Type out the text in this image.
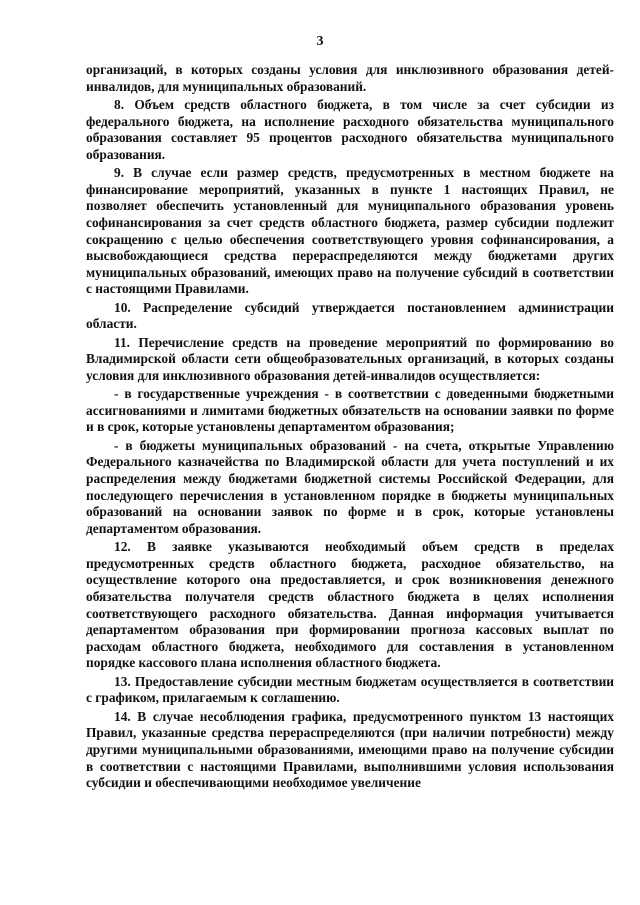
3

организаций, в которых созданы условия для инклюзивного образования детей-инвалидов, для муниципальных образований.

8. Объем средств областного бюджета, в том числе за счет субсидии из федерального бюджета, на исполнение расходного обязательства муниципального образования составляет 95 процентов расходного обязательства муниципального образования.

9. В случае если размер средств, предусмотренных в местном бюджете на финансирование мероприятий, указанных в пункте 1 настоящих Правил, не позволяет обеспечить установленный для муниципального образования уровень софинансирования за счет средств областного бюджета, размер субсидии подлежит сокращению с целью обеспечения соответствующего уровня софинансирования, а высвобождающиеся средства перераспределяются между бюджетами других муниципальных образований, имеющих право на получение субсидий в соответствии с настоящими Правилами.

10. Распределение субсидий утверждается постановлением администрации области.

11. Перечисление средств на проведение мероприятий по формированию во Владимирской области сети общеобразовательных организаций, в которых созданы условия для инклюзивного образования детей-инвалидов осуществляется:

- в государственные учреждения - в соответствии с доведенными бюджетными ассигнованиями и лимитами бюджетных обязательств на основании заявки по форме и в срок, которые установлены департаментом образования;

- в бюджеты муниципальных образований - на счета, открытые Управлению Федерального казначейства по Владимирской области для учета поступлений и их распределения между бюджетами бюджетной системы Российской Федерации, для последующего перечисления в установленном порядке в бюджеты муниципальных образований на основании заявок по форме и в срок, которые установлены департаментом образования.

12. В заявке указываются необходимый объем средств в пределах предусмотренных средств областного бюджета, расходное обязательство, на осуществление которого она предоставляется, и срок возникновения денежного обязательства получателя средств областного бюджета в целях исполнения соответствующего расходного обязательства. Данная информация учитывается департаментом образования при формировании прогноза кассовых выплат по расходам областного бюджета, необходимого для составления в установленном порядке кассового плана исполнения областного бюджета.

13. Предоставление субсидии местным бюджетам осуществляется в соответствии с графиком, прилагаемым к соглашению.

14. В случае несоблюдения графика, предусмотренного пунктом 13 настоящих Правил, указанные средства перераспределяются (при наличии потребности) между другими муниципальными образованиями, имеющими право на получение субсидии в соответствии с настоящими Правилами, выполнившими условия использования субсидии и обеспечивающими необходимое увеличение
